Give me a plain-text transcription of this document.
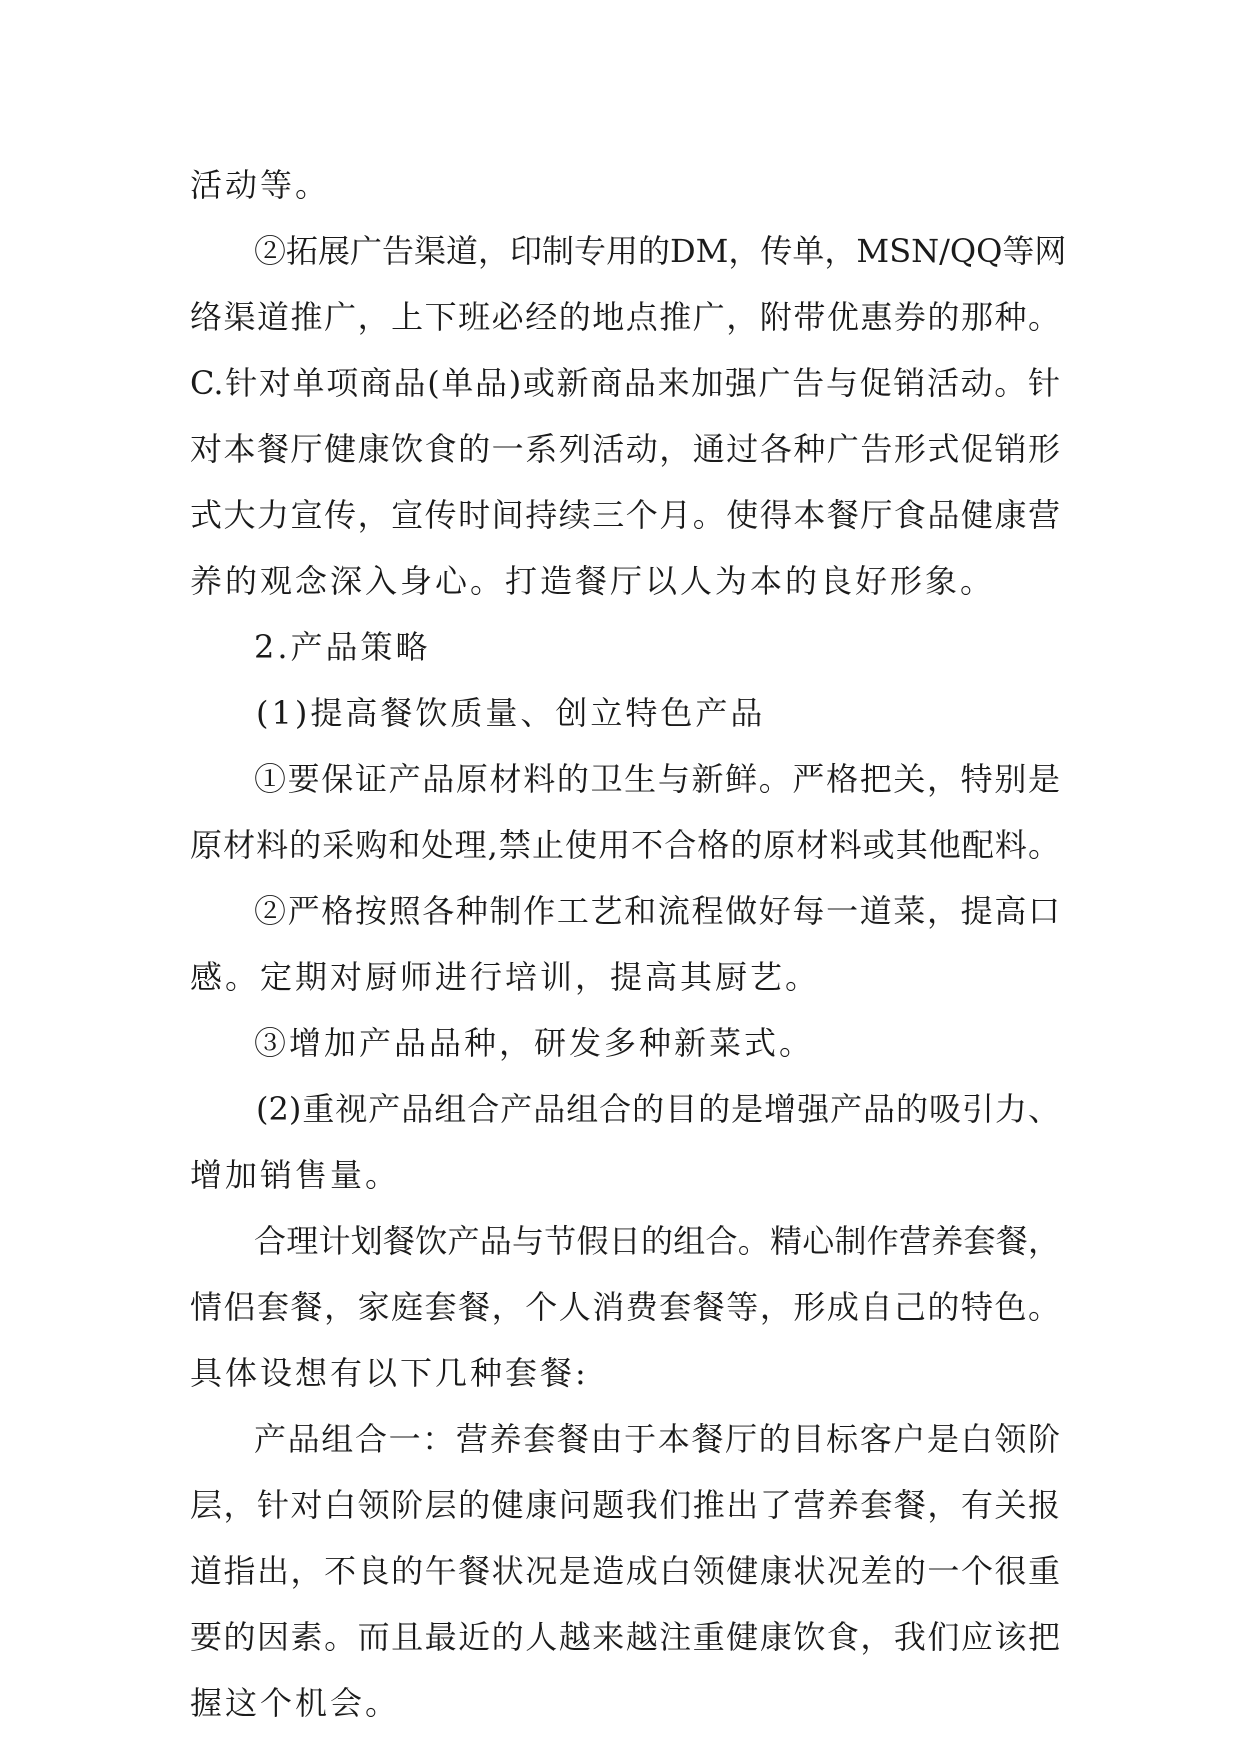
活动等。
②拓展广告渠道，印制专用的DM，传单，MSN/QQ等网
络渠道推广，上下班必经的地点推广，附带优惠券的那种。
C.针对单项商品(单品)或新商品来加强广告与促销活动。针
对本餐厅健康饮食的一系列活动，通过各种广告形式促销形
式大力宣传，宣传时间持续三个月。使得本餐厅食品健康营
养的观念深入身心。打造餐厅以人为本的良好形象。
2.产品策略
(1)提高餐饮质量、创立特色产品
①要保证产品原材料的卫生与新鲜。严格把关，特别是
原材料的采购和处理,禁止使用不合格的原材料或其他配料。
②严格按照各种制作工艺和流程做好每一道菜，提高口
感。定期对厨师进行培训，提高其厨艺。
③增加产品品种，研发多种新菜式。
(2)重视产品组合产品组合的目的是增强产品的吸引力、
增加销售量。
合理计划餐饮产品与节假日的组合。精心制作营养套餐，
情侣套餐，家庭套餐，个人消费套餐等，形成自己的特色。
具体设想有以下几种套餐:
产品组合一：营养套餐由于本餐厅的目标客户是白领阶
层，针对白领阶层的健康问题我们推出了营养套餐，有关报
道指出，不良的午餐状况是造成白领健康状况差的一个很重
要的因素。而且最近的人越来越注重健康饮食，我们应该把
握这个机会。
